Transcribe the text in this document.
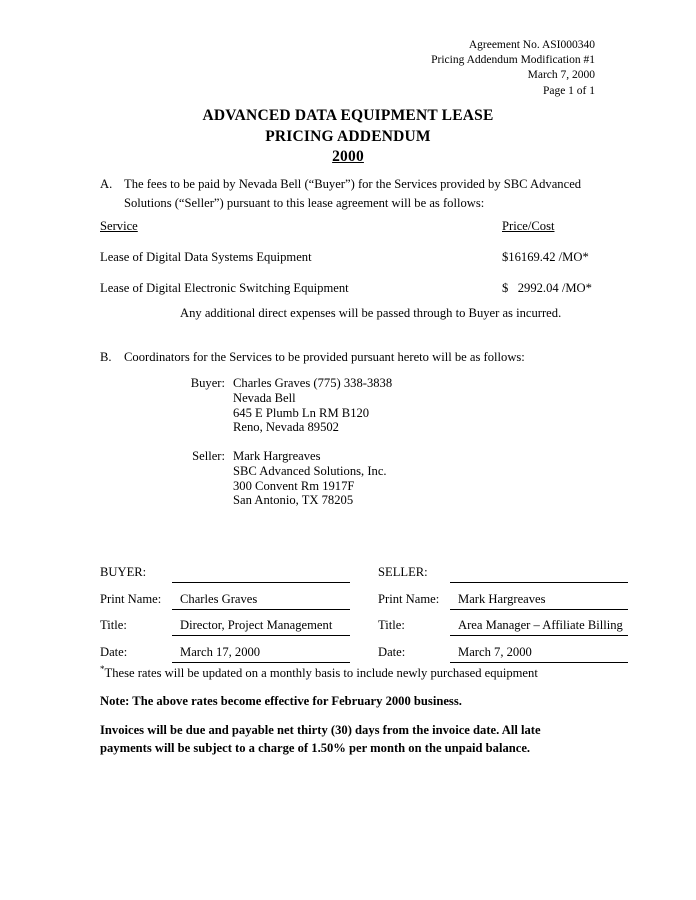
Agreement No. ASI000340
Pricing Addendum Modification #1
March 7, 2000
Page 1 of 1
ADVANCED DATA EQUIPMENT LEASE
PRICING ADDENDUM
2000
A. The fees to be paid by Nevada Bell (“Buyer”) for the Services provided by SBC Advanced Solutions (“Seller”) pursuant to this lease agreement will be as follows:
Service	Price/Cost
Lease of Digital Data Systems Equipment	$16169.42 /MO*
Lease of Digital Electronic Switching Equipment	$   2992.04 /MO*
Any additional direct expenses will be passed through to Buyer as incurred.
B. Coordinators for the Services to be provided pursuant hereto will be as follows:
Buyer: Charles Graves (775) 338-3838
Nevada Bell
645 E Plumb Ln RM B120
Reno, Nevada 89502
Seller: Mark Hargreaves
SBC Advanced Solutions, Inc.
300 Convent Rm 1917F
San Antonio, TX 78205
BUYER:	SELLER:
Print Name: Charles Graves	Print Name: Mark Hargreaves
Title:	Director, Project Management	Title:	Area Manager – Affiliate Billing
Date:	March 17, 2000	Date:	March 7, 2000
*These rates will be updated on a monthly basis to include newly purchased equipment
Note: The above rates become effective for February 2000 business.
Invoices will be due and payable net thirty (30) days from the invoice date. All late payments will be subject to a charge of 1.50% per month on the unpaid balance.
